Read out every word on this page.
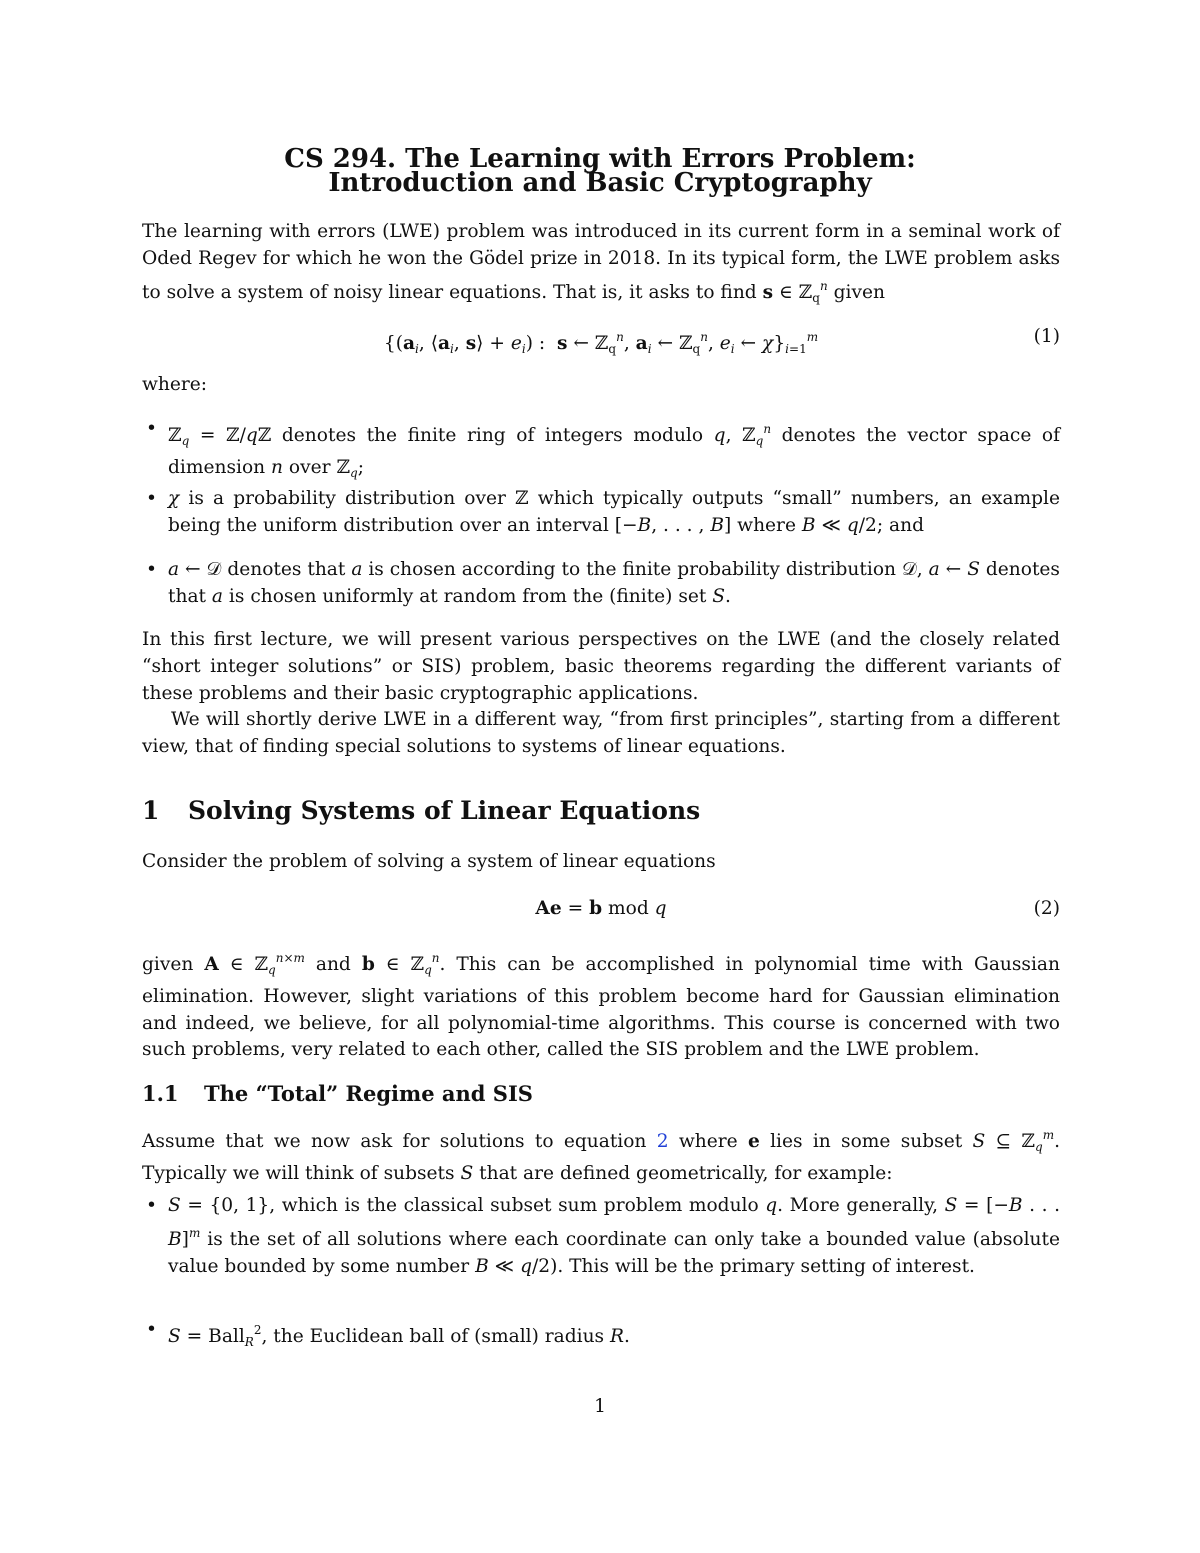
CS 294. The Learning with Errors Problem:
Introduction and Basic Cryptography

The learning with errors (LWE) problem was introduced in its current form in a seminal work of Oded Regev for which he won the Gödel prize in 2018. In its typical form, the LWE problem asks to solve a system of noisy linear equations. That is, it asks to find s ∈ ℤ$_q^n$ given

{($a_i$, $⟨a_i$, s⟩ + $e_i$) :  s ← ℤ$_q^n$, $a_i$ ← ℤ$_q^n$, $e_i$ ← $\chi\}_{i=1}^m$	(1)

where:

• ℤ$_q$ = ℤ/qℤ denotes the finite ring of integers modulo q, ℤ$_q^n$ denotes the vector space of dimension n over ℤ$_q$;
• χ is a probability distribution over ℤ which typically outputs “small” numbers, an example being the uniform distribution over an interval [−B, . . . , B] where B ≪ q/2; and
• a ← 𝒟 denotes that a is chosen according to the finite probability distribution 𝒟, a ← S denotes that a is chosen uniformly at random from the (finite) set S.

In this first lecture, we will present various perspectives on the LWE (and the closely related “short integer solutions” or SIS) problem, basic theorems regarding the different variants of these problems and their basic cryptographic applications.

We will shortly derive LWE in a different way, “from first principles”, starting from a different view, that of finding special solutions to systems of linear equations.

1 Solving Systems of Linear Equations

Consider the problem of solving a system of linear equations

Ae = b mod q	(2)

given A ∈ ℤ$_q^{n\times m}$ and b ∈ ℤ$_q^n$. This can be accomplished in polynomial time with Gaussian elimination. However, slight variations of this problem become hard for Gaussian elimination and indeed, we believe, for all polynomial-time algorithms. This course is concerned with two such problems, very related to each other, called the SIS problem and the LWE problem.

1.1 The “Total” Regime and SIS

Assume that we now ask for solutions to equation 2 where e lies in some subset S ⊆ ℤ$_q^m$. Typically we will think of subsets S that are defined geometrically, for example:

• S = {0, 1}, which is the classical subset sum problem modulo q. More generally, S = [−B . . . B]$^m$ is the set of all solutions where each coordinate can only take a bounded value (absolute value bounded by some number B ≪ q/2). This will be the primary setting of interest.
• S = Ball$_R^2$, the Euclidean ball of (small) radius R.
1
